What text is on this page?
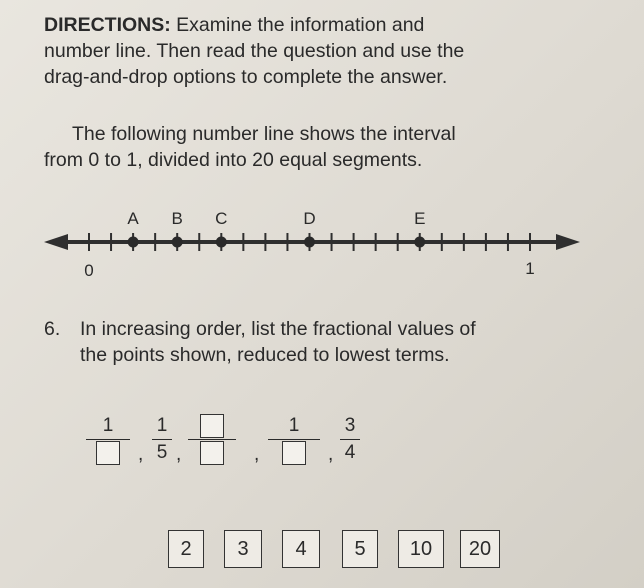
DIRECTIONS: Examine the information and
number line. Then read the question and use the
drag-and-drop options to complete the answer.
The following number line shows the interval
from 0 to 1, divided into 20 equal segments.
A B C	D	E
0	1
6. In increasing order, list the fractional values of
the points shown, reduced to lowest terms.
1
,
1
5 ,	,
1
,
3
4
2	3	4	5	10	20
